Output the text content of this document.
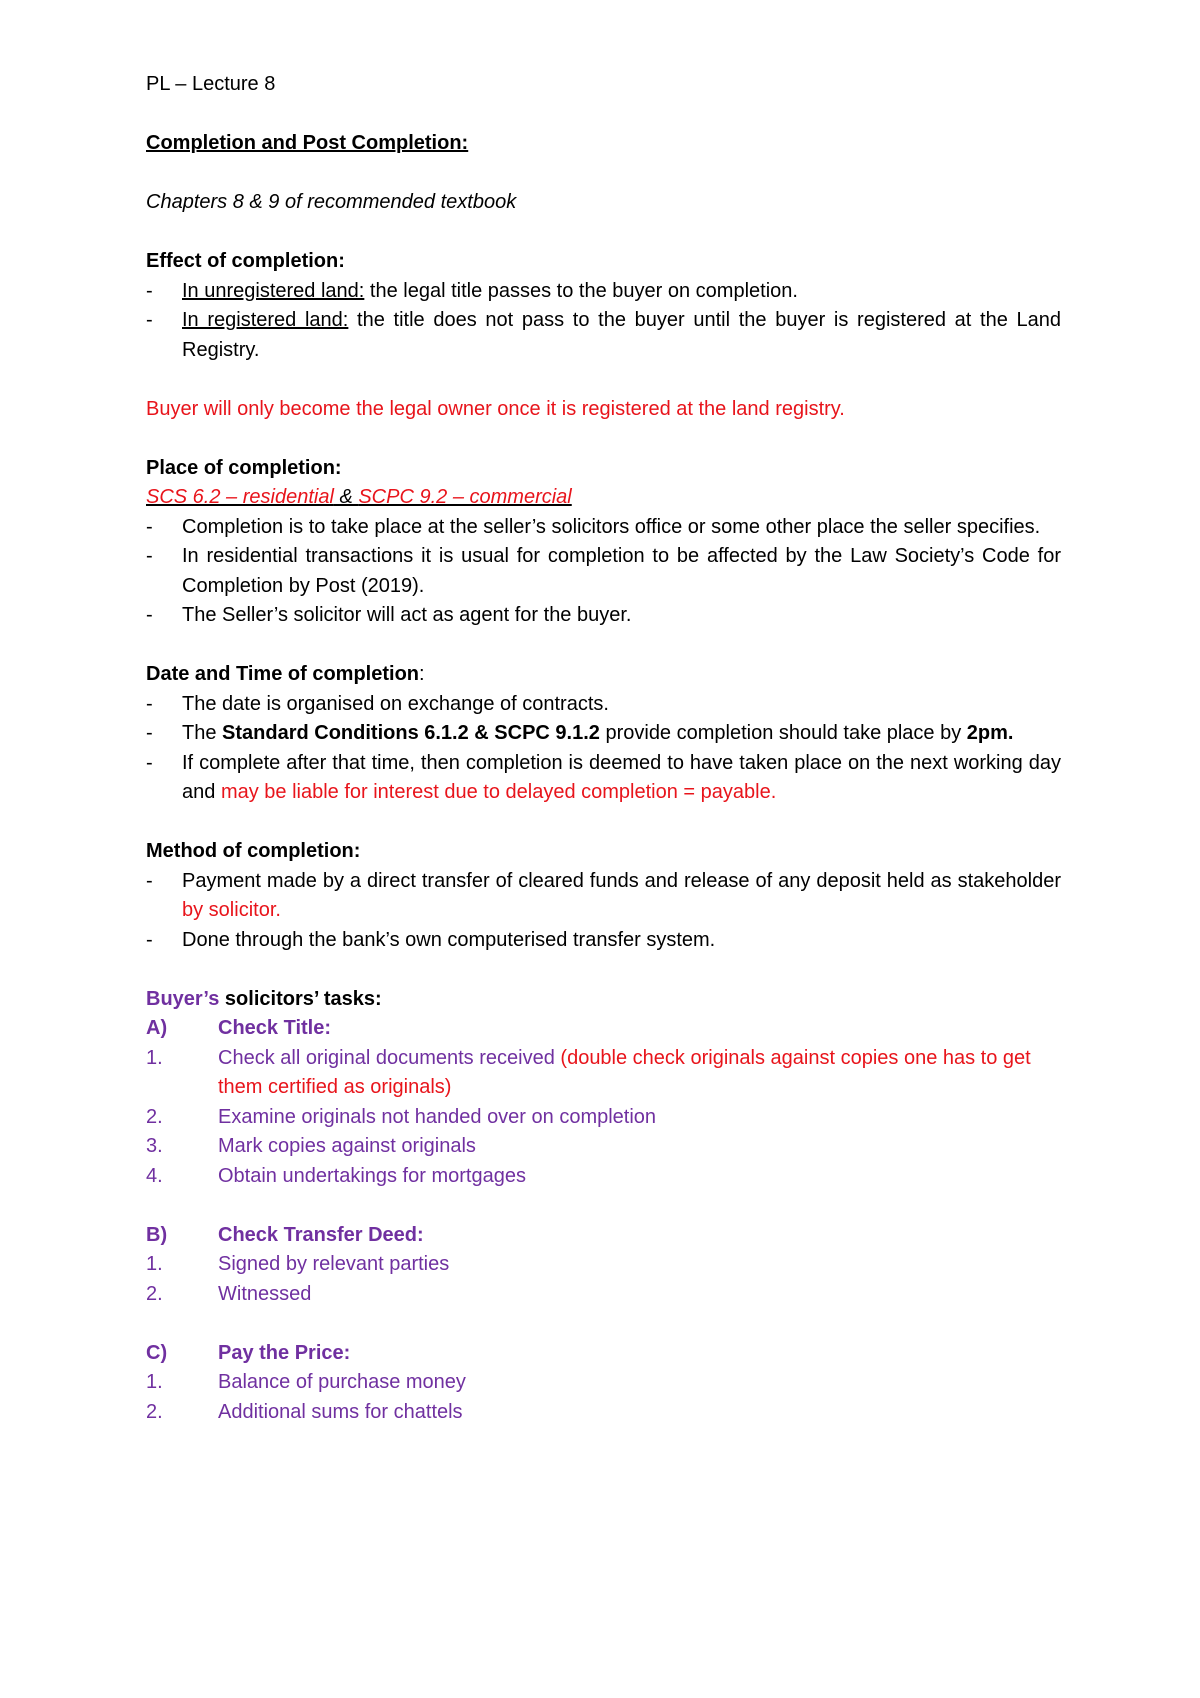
PL – Lecture 8
Completion and Post Completion:
Chapters 8 & 9 of recommended textbook
Effect of completion:
- In unregistered land: the legal title passes to the buyer on completion.
- In registered land: the title does not pass to the buyer until the buyer is registered at the Land Registry.
Buyer will only become the legal owner once it is registered at the land registry.
Place of completion:
SCS 6.2 – residential & SCPC 9.2 – commercial
- Completion is to take place at the seller’s solicitors office or some other place the seller specifies.
- In residential transactions it is usual for completion to be affected by the Law Society’s Code for Completion by Post (2019).
- The Seller’s solicitor will act as agent for the buyer.
Date and Time of completion:
- The date is organised on exchange of contracts.
- The Standard Conditions 6.1.2 & SCPC 9.1.2 provide completion should take place by 2pm.
- If complete after that time, then completion is deemed to have taken place on the next working day and may be liable for interest due to delayed completion = payable.
Method of completion:
- Payment made by a direct transfer of cleared funds and release of any deposit held as stakeholder by solicitor.
- Done through the bank’s own computerised transfer system.
Buyer’s solicitors’ tasks:
A)	Check Title:
1.	Check all original documents received (double check originals against copies one has to get them certified as originals)
2.	Examine originals not handed over on completion
3.	Mark copies against originals
4.	Obtain undertakings for mortgages
B)	Check Transfer Deed:
1.	Signed by relevant parties
2.	Witnessed
C)	Pay the Price:
1.	Balance of purchase money
2.	Additional sums for chattels
